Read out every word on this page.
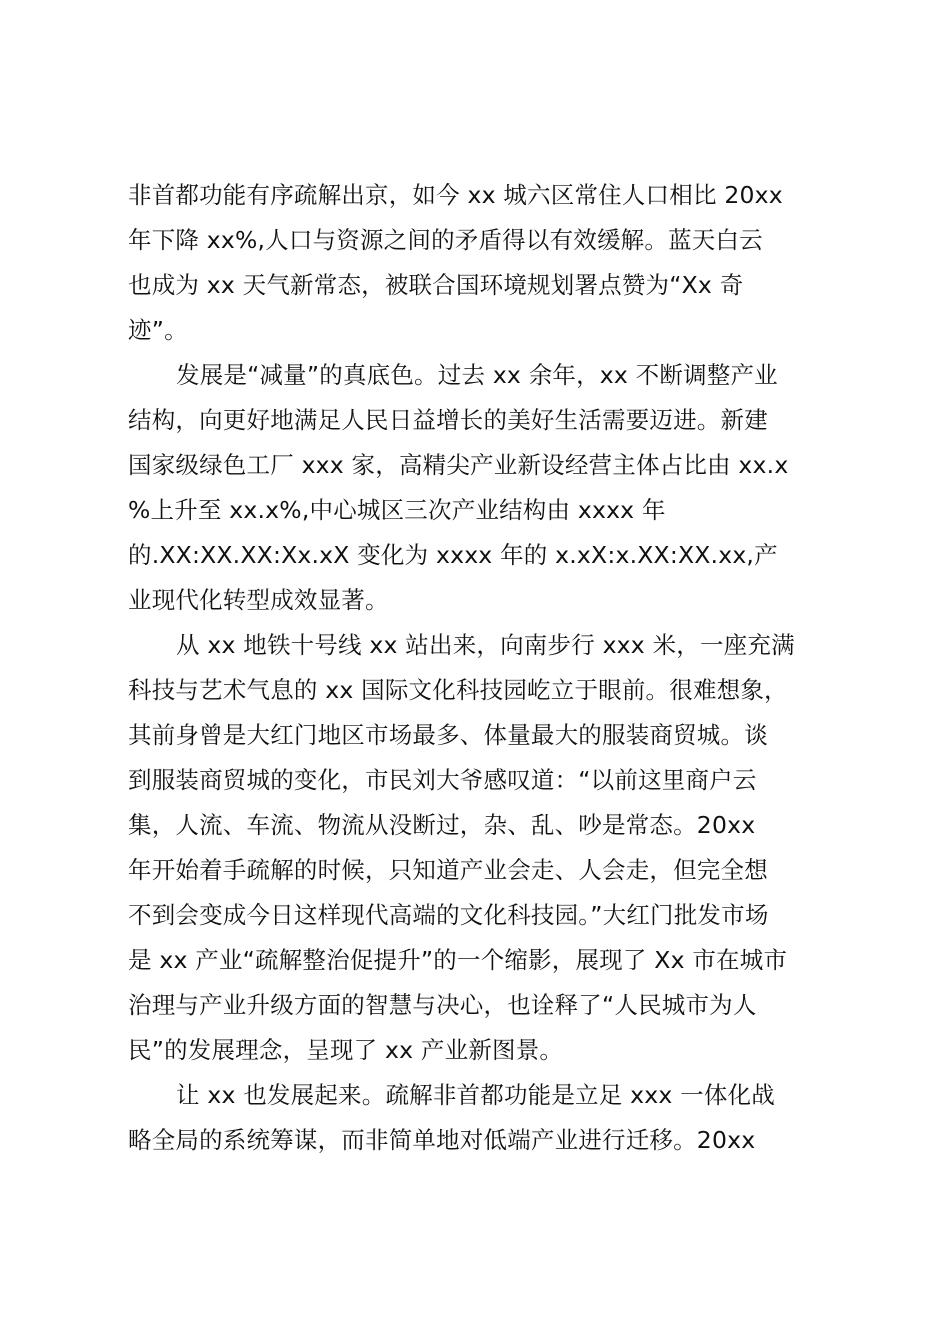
非首都功能有序疏解出京，如今 xx 城六区常住人口相比 20xx
年下降 xx%,人口与资源之间的矛盾得以有效缓解。蓝天白云
也成为 xx 天气新常态，被联合国环境规划署点赞为“Xx 奇
迹”。
发展是“减量”的真底色。过去 xx 余年，xx 不断调整产业
结构，向更好地满足人民日益增长的美好生活需要迈进。新建
国家级绿色工厂 xxx 家，高精尖产业新设经营主体占比由 xx.x
%上升至 xx.x%,中心城区三次产业结构由 xxxx 年
的.XX:XX.XX:Xx.xX 变化为 xxxx 年的 x.xX:x.XX:XX.xx,产
业现代化转型成效显著。
从 xx 地铁十号线 xx 站出来，向南步行 xxx 米，一座充满
科技与艺术气息的 xx 国际文化科技园屹立于眼前。很难想象，
其前身曾是大红门地区市场最多、体量最大的服装商贸城。谈
到服装商贸城的变化，市民刘大爷感叹道：“以前这里商户云
集，人流、车流、物流从没断过，杂、乱、吵是常态。20xx
年开始着手疏解的时候，只知道产业会走、人会走，但完全想
不到会变成今日这样现代高端的文化科技园。”大红门批发市场
是 xx 产业“疏解整治促提升”的一个缩影，展现了 Xx 市在城市
治理与产业升级方面的智慧与决心，也诠释了“人民城市为人
民”的发展理念，呈现了 xx 产业新图景。
让 xx 也发展起来。疏解非首都功能是立足 xxx 一体化战
略全局的系统筹谋，而非简单地对低端产业进行迁移。20xx
